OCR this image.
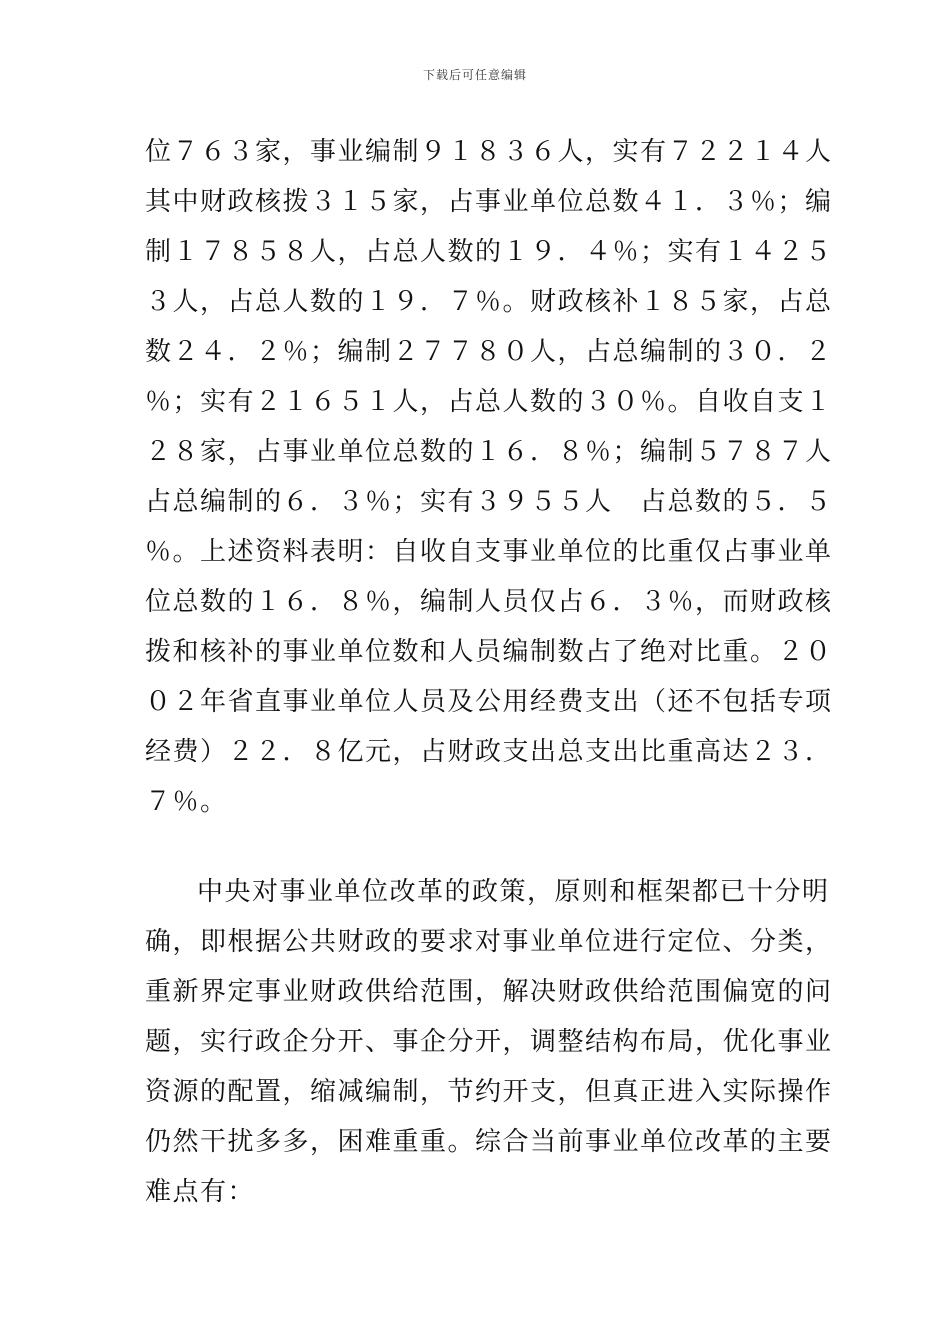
下载后可任意编辑
位７６３家，事业编制９１８３６人，实有７２２１４人
其中财政核拨３１５家，占事业单位总数４１．３％；编
制１７８５８人，占总人数的１９．４％；实有１４２５
３人，占总人数的１９．７％。财政核补１８５家，占总
数２４．２％；编制２７７８０人，占总编制的３０．２
％；实有２１６５１人，占总人数的３０％。自收自支１
２８家，占事业单位总数的１６．８％；编制５７８７人
占总编制的６．３％；实有３９５５人　占总数的５．５
％。上述资料表明：自收自支事业单位的比重仅占事业单
位总数的１６．８％，编制人员仅占６．３％，而财政核
拨和核补的事业单位数和人员编制数占了绝对比重。２０
０２年省直事业单位人员及公用经费支出（还不包括专项
经费）２２．８亿元，占财政支出总支出比重高达２３．
７％。
中央对事业单位改革的政策，原则和框架都已十分明
确，即根据公共财政的要求对事业单位进行定位、分类，
重新界定事业财政供给范围，解决财政供给范围偏宽的问
题，实行政企分开、事企分开，调整结构布局，优化事业
资源的配置，缩减编制，节约开支，但真正进入实际操作
仍然干扰多多，困难重重。综合当前事业单位改革的主要
难点有：
